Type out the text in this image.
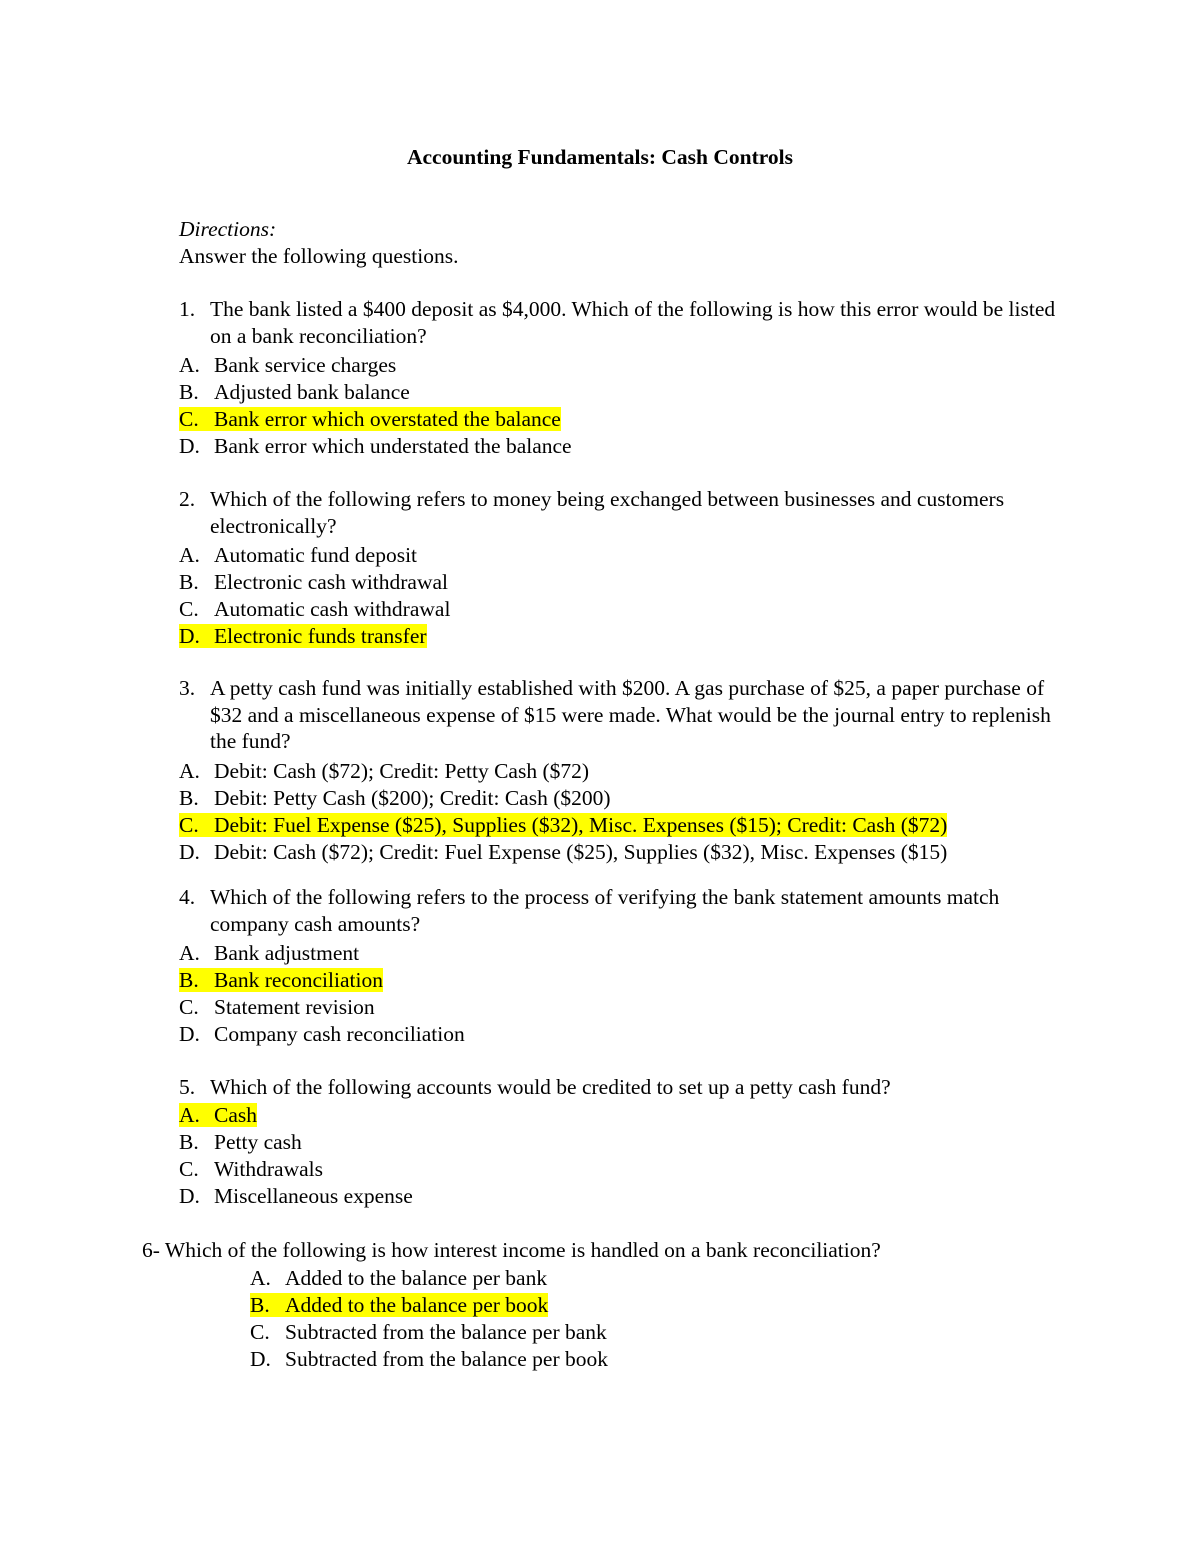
Accounting Fundamentals: Cash Controls
Directions:
Answer the following questions.
1. The bank listed a $400 deposit as $4,000. Which of the following is how this error would be listed on a bank reconciliation?
A. Bank service charges
B. Adjusted bank balance
C. Bank error which overstated the balance
D. Bank error which understated the balance
2. Which of the following refers to money being exchanged between businesses and customers electronically?
A. Automatic fund deposit
B. Electronic cash withdrawal
C. Automatic cash withdrawal
D. Electronic funds transfer
3. A petty cash fund was initially established with $200. A gas purchase of $25, a paper purchase of $32 and a miscellaneous expense of $15 were made. What would be the journal entry to replenish the fund?
A. Debit: Cash ($72); Credit: Petty Cash ($72)
B. Debit: Petty Cash ($200); Credit: Cash ($200)
C. Debit: Fuel Expense ($25), Supplies ($32), Misc. Expenses ($15); Credit: Cash ($72)
D. Debit: Cash ($72); Credit: Fuel Expense ($25), Supplies ($32), Misc. Expenses ($15)
4. Which of the following refers to the process of verifying the bank statement amounts match company cash amounts?
A. Bank adjustment
B. Bank reconciliation
C. Statement revision
D. Company cash reconciliation
5. Which of the following accounts would be credited to set up a petty cash fund?
A. Cash
B. Petty cash
C. Withdrawals
D. Miscellaneous expense
6- Which of the following is how interest income is handled on a bank reconciliation?
A. Added to the balance per bank
B. Added to the balance per book
C. Subtracted from the balance per bank
D. Subtracted from the balance per book
